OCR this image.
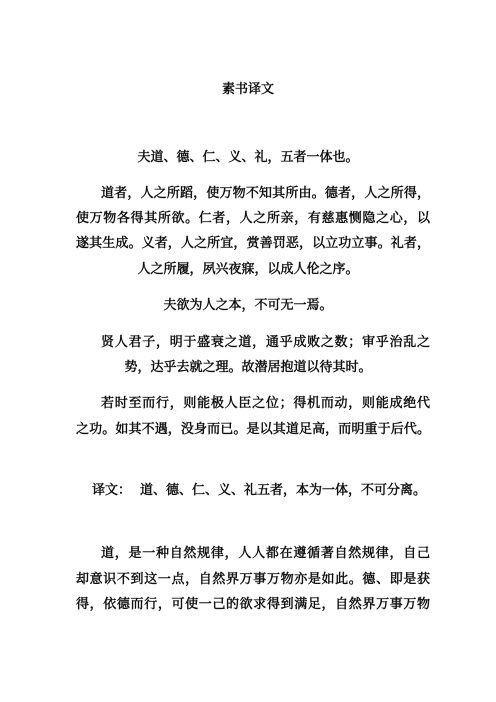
素书译文
夫道、德、仁、义、礼，五者一体也。
道者，人之所蹈，使万物不知其所由。德者，人之所得，
使万物各得其所欲。仁者，人之所亲，有慈惠恻隐之心，以
遂其生成。义者，人之所宜，赏善罚恶，以立功立事。礼者，
人之所履，夙兴夜寐，以成人伦之序。
夫欲为人之本，不可无一焉。
贤人君子，明于盛衰之道，通乎成败之数；审乎治乱之
势，达乎去就之理。故潜居抱道以待其时。
若时至而行，则能极人臣之位；得机而动，则能成绝代
之功。如其不遇，没身而已。是以其道足高，而明重于后代。
译文：  道、德、仁、义、礼五者，本为一体，不可分离。
道，是一种自然规律，人人都在遵循著自然规律，自己
却意识不到这一点，自然界万事万物亦是如此。德、即是获
得，依德而行，可使一己的欲求得到满足，自然界万事万物
